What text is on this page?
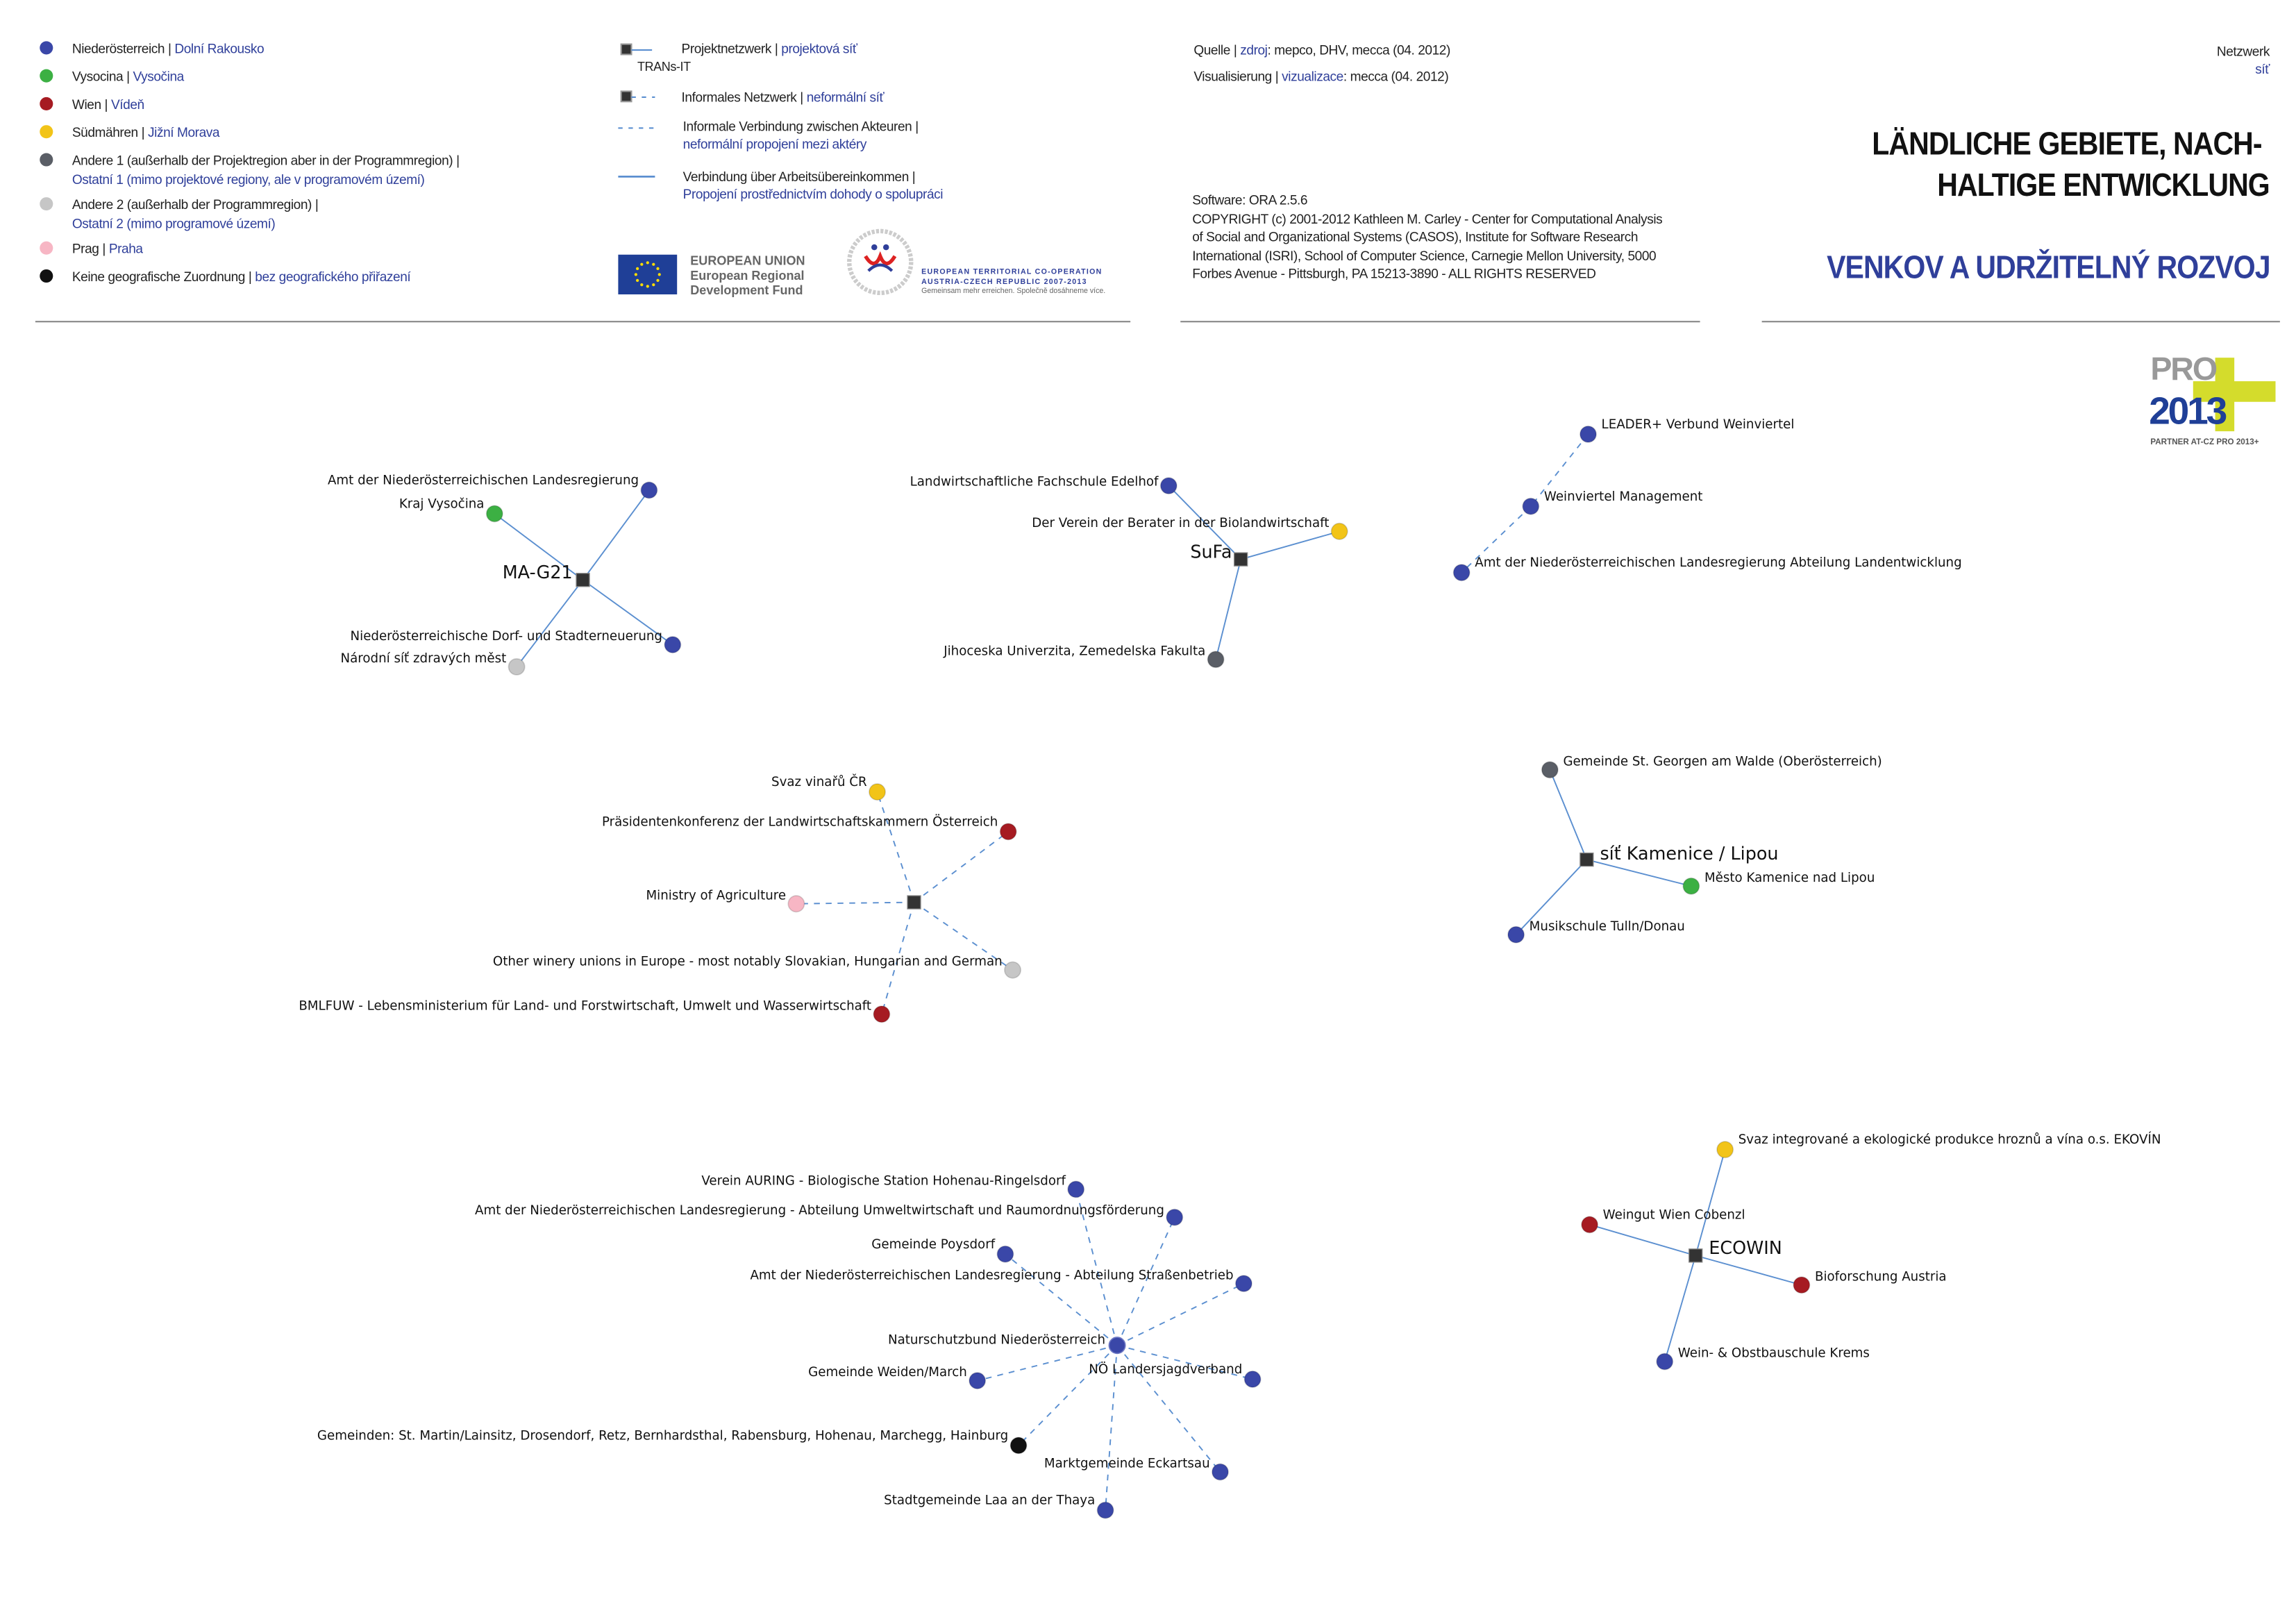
Niederösterreich | Dolní Rakousko
Vysocina | Vysočina
Wien | Vídeň
Südmähren | Jižní Morava
Andere 1 (außerhalb der Projektregion aber in der Programmregion) |
Ostatní 1 (mimo projektové regiony, ale v programovém území)
Andere 2 (außerhalb der Programmregion) |
Ostatní 2 (mimo programové území)
Prag | Praha
Keine geografische Zuordnung | bez geografického přiřazení
Projektnetzwerk | projektová síť
TRANs-IT
Informales Netzwerk | neformální síť
Informale Verbindung zwischen Akteuren |
neformální propojení mezi aktéry
Verbindung über Arbeitsübereinkommen |
Propojení prostřednictvím dohody o spolupráci
EUROPEAN UNION
European Regional
Development Fund
EUROPEAN TERRITORIAL CO-OPERATION
AUSTRIA-CZECH REPUBLIC 2007-2013
Gemeinsam mehr erreichen. Společně dosáhneme více.
Quelle | zdroj: mepco, DHV, mecca (04. 2012)
Visualisierung | vizualizace: mecca (04. 2012)
Software: ORA 2.5.6
COPYRIGHT (c) 2001-2012 Kathleen M. Carley - Center for Computational Analysis
of Social and Organizational Systems (CASOS), Institute for Software Research
International (ISRI), School of Computer Science, Carnegie Mellon University, 5000
Forbes Avenue - Pittsburgh, PA 15213-3890 - ALL RIGHTS RESERVED
Netzwerk
síť
LÄNDLICHE GEBIETE, NACH-
HALTIGE ENTWICKLUNG
VENKOV A UDRŽITELNÝ ROZVOJ
PRO
2013
PARTNER AT-CZ PRO 2013+
MA-G21
Amt der Niederösterreichischen Landesregierung
Kraj Vysočina
Niederösterreichische Dorf- und Stadterneuerung
Národní síť zdravých měst
SuFa
Landwirtschaftliche Fachschule Edelhof
Der Verein der Berater in der Biolandwirtschaft
Jihoceska Univerzita, Zemedelska Fakulta
LEADER+ Verbund Weinviertel
Weinviertel Management
Amt der Niederösterreichischen Landesregierung Abteilung Landentwicklung
Svaz vinařů ČR
Präsidentenkonferenz der Landwirtschaftskammern Österreich
Ministry of Agriculture
Other winery unions in Europe - most notably Slovakian, Hungarian and German
BMLFUW - Lebensministerium für Land- und Forstwirtschaft, Umwelt und Wasserwirtschaft
síť Kamenice / Lipou
Gemeinde St. Georgen am Walde (Oberösterreich)
Město Kamenice nad Lipou
Musikschule Tulln/Donau
Naturschutzbund Niederösterreich
Verein AURING - Biologische Station Hohenau-Ringelsdorf
Amt der Niederösterreichischen Landesregierung - Abteilung Umweltwirtschaft und Raumordnungsförderung
Gemeinde Poysdorf
Amt der Niederösterreichischen Landesregierung - Abteilung Straßenbetrieb
Gemeinde Weiden/March	NÖ Landersjagdverband
Gemeinden: St. Martin/Lainsitz, Drosendorf, Retz, Bernhardsthal, Rabensburg, Hohenau, Marchegg, Hainburg
Marktgemeinde Eckartsau
Stadtgemeinde Laa an der Thaya
ECOWIN
Svaz integrované a ekologické produkce hroznů a vína o.s. EKOVÍN
Weingut Wien Cobenzl
Bioforschung Austria
Wein- & Obstbauschule Krems
